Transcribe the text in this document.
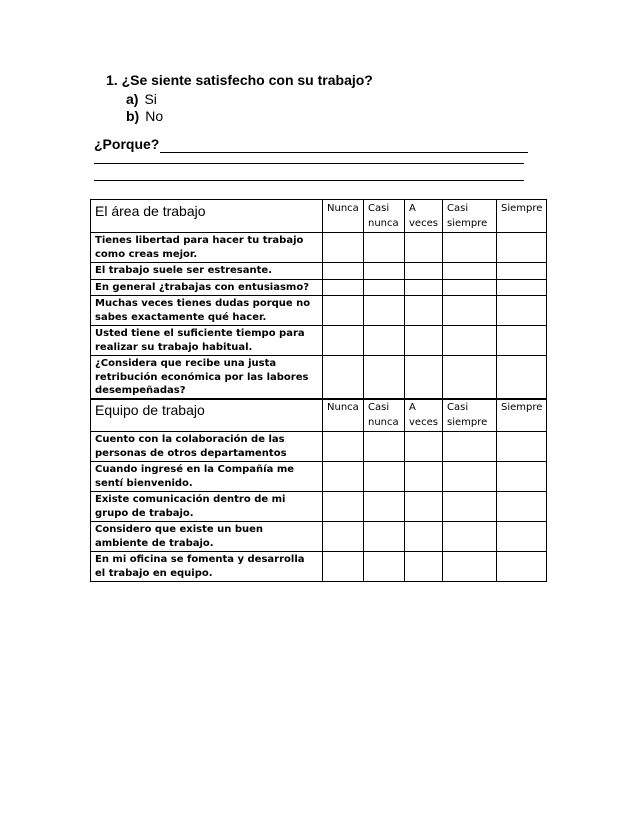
1. ¿Se siente satisfecho con su trabajo?
a) Si
b) No
¿Porque?
El área de trabajo	Nunca	Casi nunca	A veces	Casi siempre	Siempre
Tienes libertad para hacer tu trabajo como creas mejor.					
El trabajo suele ser estresante.					
En general ¿trabajas con entusiasmo?					
Muchas veces tienes dudas porque no sabes exactamente qué hacer.					
Usted tiene el suficiente tiempo para realizar su trabajo habitual.					
¿Considera que recibe una justa retribución económica por las labores desempeñadas?					
Equipo de trabajo	Nunca	Casi nunca	A veces	Casi siempre	Siempre
Cuento con la colaboración de las personas de otros departamentos					
Cuando ingresé en la Compañía me sentí bienvenido.					
Existe comunicación dentro de mi grupo de trabajo.					
Considero que existe un buen ambiente de trabajo.					
En mi oficina se fomenta y desarrolla el trabajo en equipo.					
